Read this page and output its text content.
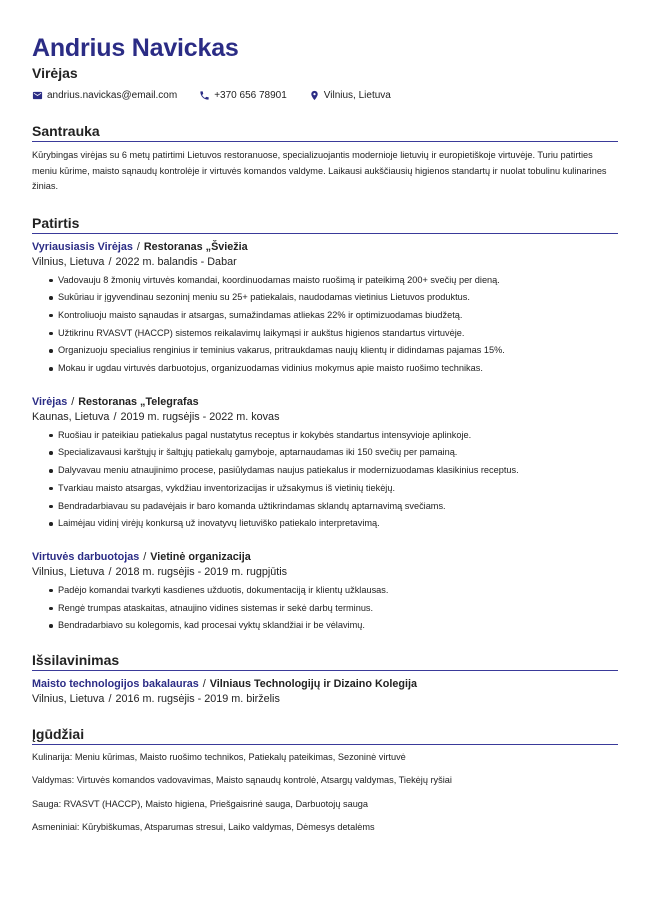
Andrius Navickas
Virėjas
andrius.navickas@email.com	+370 656 78901	Vilnius, Lietuva
Santrauka
Kūrybingas virėjas su 6 metų patirtimi Lietuvos restoranuose, specializuojantis modernioje lietuvių ir europietiškoje virtuvėje. Turiu patirties meniu kūrime, maisto sąnaudų kontrolėje ir virtuvės komandos valdyme. Laikausi aukščiausių higienos standartų ir nuolat tobulinu kulinarines žinias.
Patirtis
Vyriausiasis Virėjas / Restoranas „Šviežia
Vilnius, Lietuva / 2022 m. balandis - Dabar
Vadovauju 8 žmonių virtuvės komandai, koordinuodamas maisto ruošimą ir pateikimą 200+ svečių per dieną.
Sukūriau ir įgyvendinau sezoninį meniu su 25+ patiekalais, naudodamas vietinius Lietuvos produktus.
Kontroliuoju maisto sąnaudas ir atsargas, sumažindamas atliekas 22% ir optimizuodamas biudžetą.
Užtikrinu RVASVT (HACCP) sistemos reikalavimų laikymąsi ir aukštus higienos standartus virtuvėje.
Organizuoju specialius renginius ir teminius vakarus, pritraukdamas naujų klientų ir didindamas pajamas 15%.
Mokau ir ugdau virtuvės darbuotojus, organizuodamas vidinius mokymus apie maisto ruošimo technikas.
Virėjas / Restoranas „Telegrafas
Kaunas, Lietuva / 2019 m. rugsėjis - 2022 m. kovas
Ruošiau ir pateikiau patiekalus pagal nustatytus receptus ir kokybės standartus intensyvioje aplinkoje.
Specializavausi karštųjų ir šaltųjų patiekalų gamyboje, aptarnaudamas iki 150 svečių per pamainą.
Dalyvavau meniu atnaujinimo procese, pasiūlydamas naujus patiekalus ir modernizuodamas klasikinius receptus.
Tvarkiau maisto atsargas, vykdžiau inventorizacijas ir užsakymus iš vietinių tiekėjų.
Bendradarbiavau su padavėjais ir baro komanda užtikrindamas sklandų aptarnavimą svečiams.
Laimėjau vidinį virėjų konkursą už inovatyvų lietuviško patiekalo interpretavimą.
Virtuvės darbuotojas / Vietinė organizacija
Vilnius, Lietuva / 2018 m. rugsėjis - 2019 m. rugpjūtis
Padėjo komandai tvarkyti kasdienes užduotis, dokumentaciją ir klientų užklausas.
Rengė trumpas ataskaitas, atnaujino vidines sistemas ir sekė darbų terminus.
Bendradarbiavo su kolegomis, kad procesai vyktų sklandžiai ir be vėlavimų.
Išsilavinimas
Maisto technologijos bakalauras / Vilniaus Technologijų ir Dizaino Kolegija
Vilnius, Lietuva / 2016 m. rugsėjis - 2019 m. birželis
Įgūdžiai
Kulinarija: Meniu kūrimas, Maisto ruošimo technikos, Patiekalų pateikimas, Sezoninė virtuvė
Valdymas: Virtuvės komandos vadovavimas, Maisto sąnaudų kontrolė, Atsargų valdymas, Tiekėjų ryšiai
Sauga: RVASVT (HACCP), Maisto higiena, Priešgaisrinė sauga, Darbuotojų sauga
Asmeniniai: Kūrybiškumas, Atsparumas stresui, Laiko valdymas, Dėmesys detalėms
